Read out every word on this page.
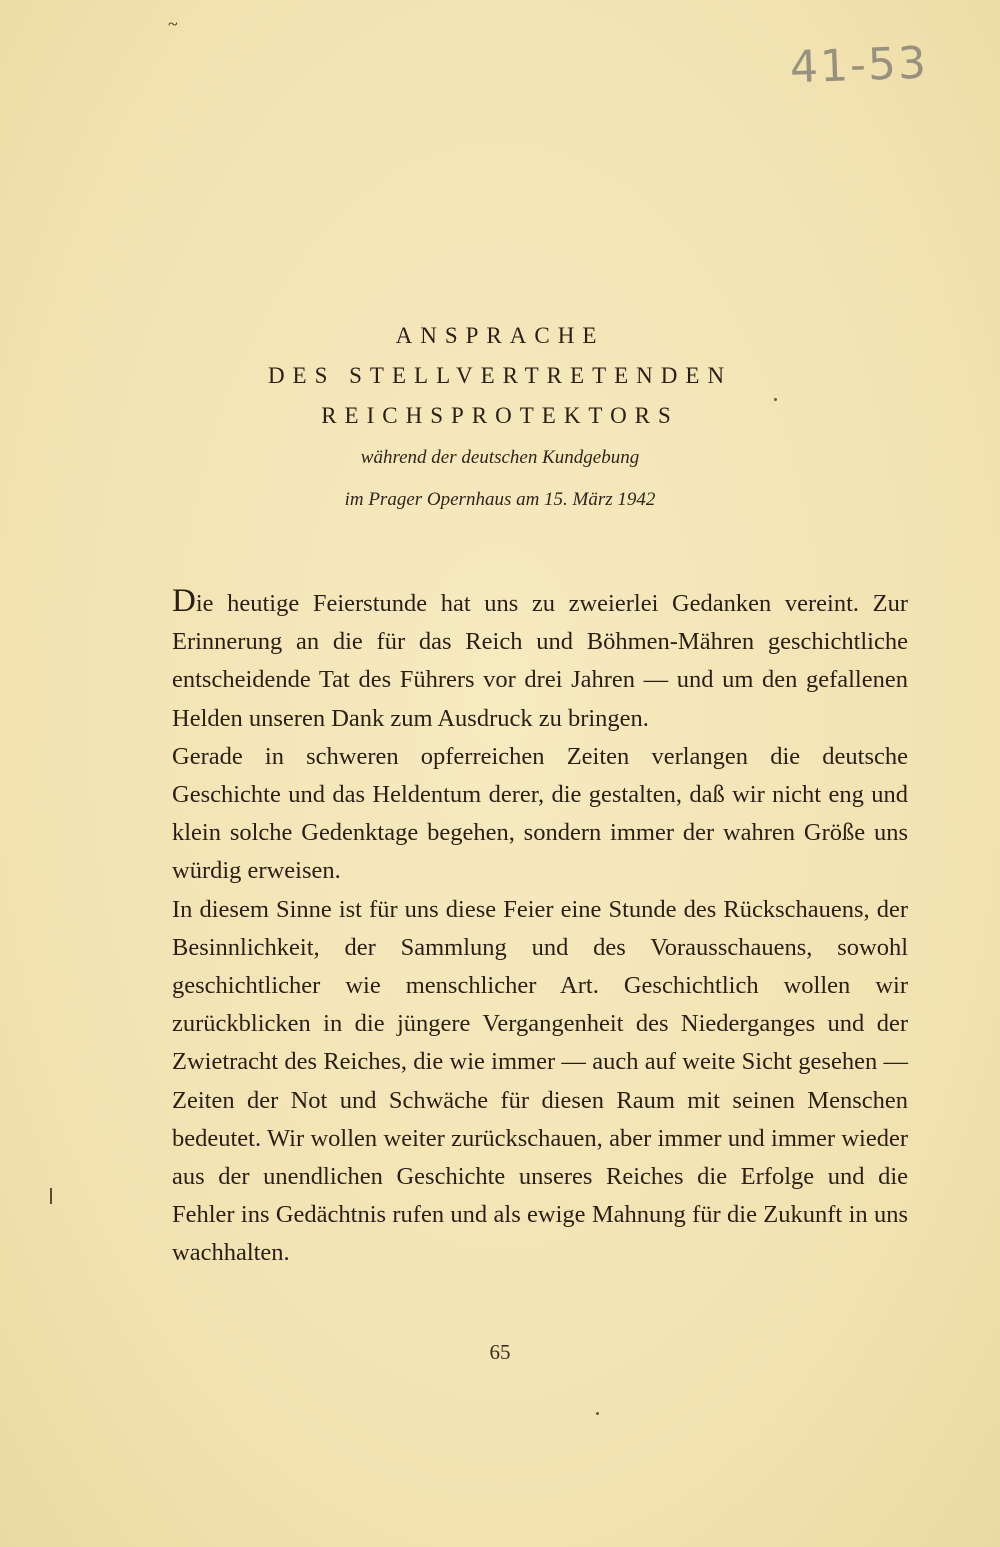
~
41-53
ANSPRACHE
DES STELLVERTRETENDEN
REICHSPROTEKTORS
während der deutschen Kundgebung
im Prager Opernhaus am 15. März 1942

Die heutige Feierstunde hat uns zu zweierlei Gedanken vereint. Zur Erinnerung an die für das Reich und Böhmen-Mähren geschichtliche entscheidende Tat des Führers vor drei Jahren — und um den gefallenen Helden unseren Dank zum Ausdruck zu bringen.

Gerade in schweren opferreichen Zeiten verlangen die deutsche Geschichte und das Heldentum derer, die gestalten, daß wir nicht eng und klein solche Gedenktage begehen, sondern immer der wahren Größe uns würdig erweisen.

In diesem Sinne ist für uns diese Feier eine Stunde des Rückschauens, der Besinnlichkeit, der Sammlung und des Vorausschauens, sowohl geschichtlicher wie menschlicher Art. Geschichtlich wollen wir zurückblicken in die jüngere Vergangenheit des Niederganges und der Zwietracht des Reiches, die wie immer — auch auf weite Sicht gesehen — Zeiten der Not und Schwäche für diesen Raum mit seinen Menschen bedeutet. Wir wollen weiter zurückschauen, aber immer und immer wieder aus der unendlichen Geschichte unseres Reiches die Erfolge und die Fehler ins Gedächtnis rufen und als ewige Mahnung für die Zukunft in uns wachhalten.

65
